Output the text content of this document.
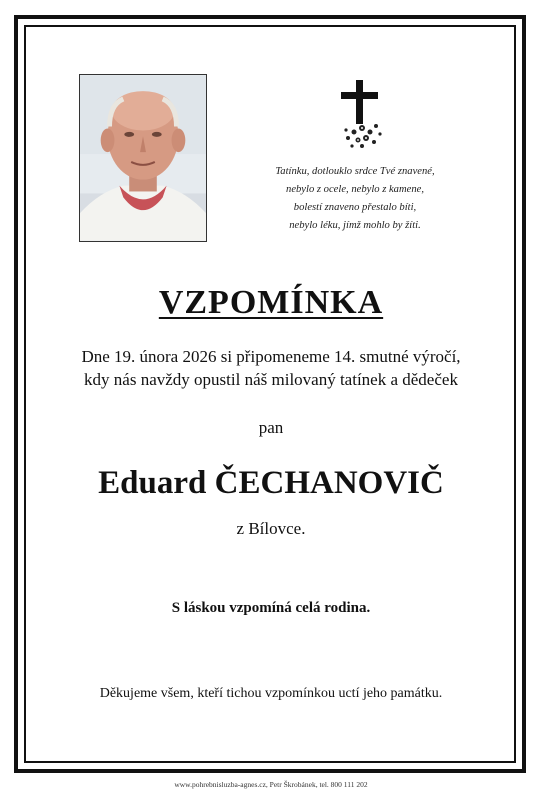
Tatínku, dotlouklo srdce Tvé znavené,
nebylo z ocele, nebylo z kamene,
bolestí znaveno přestalo bíti,
nebylo léku, jímž mohlo by žíti.
VZPOMÍNKA
Dne 19. února 2026 si připomeneme 14. smutné výročí,
kdy nás navždy opustil náš milovaný tatínek a dědeček
pan
Eduard ČECHANOVIČ
z Bílovce.
S láskou vzpomíná celá rodina.
Děkujeme všem, kteří tichou vzpomínkou uctí jeho památku.
www.pohrebnisluzba-agnes.cz, Petr Škrobánek, tel. 800 111 202
